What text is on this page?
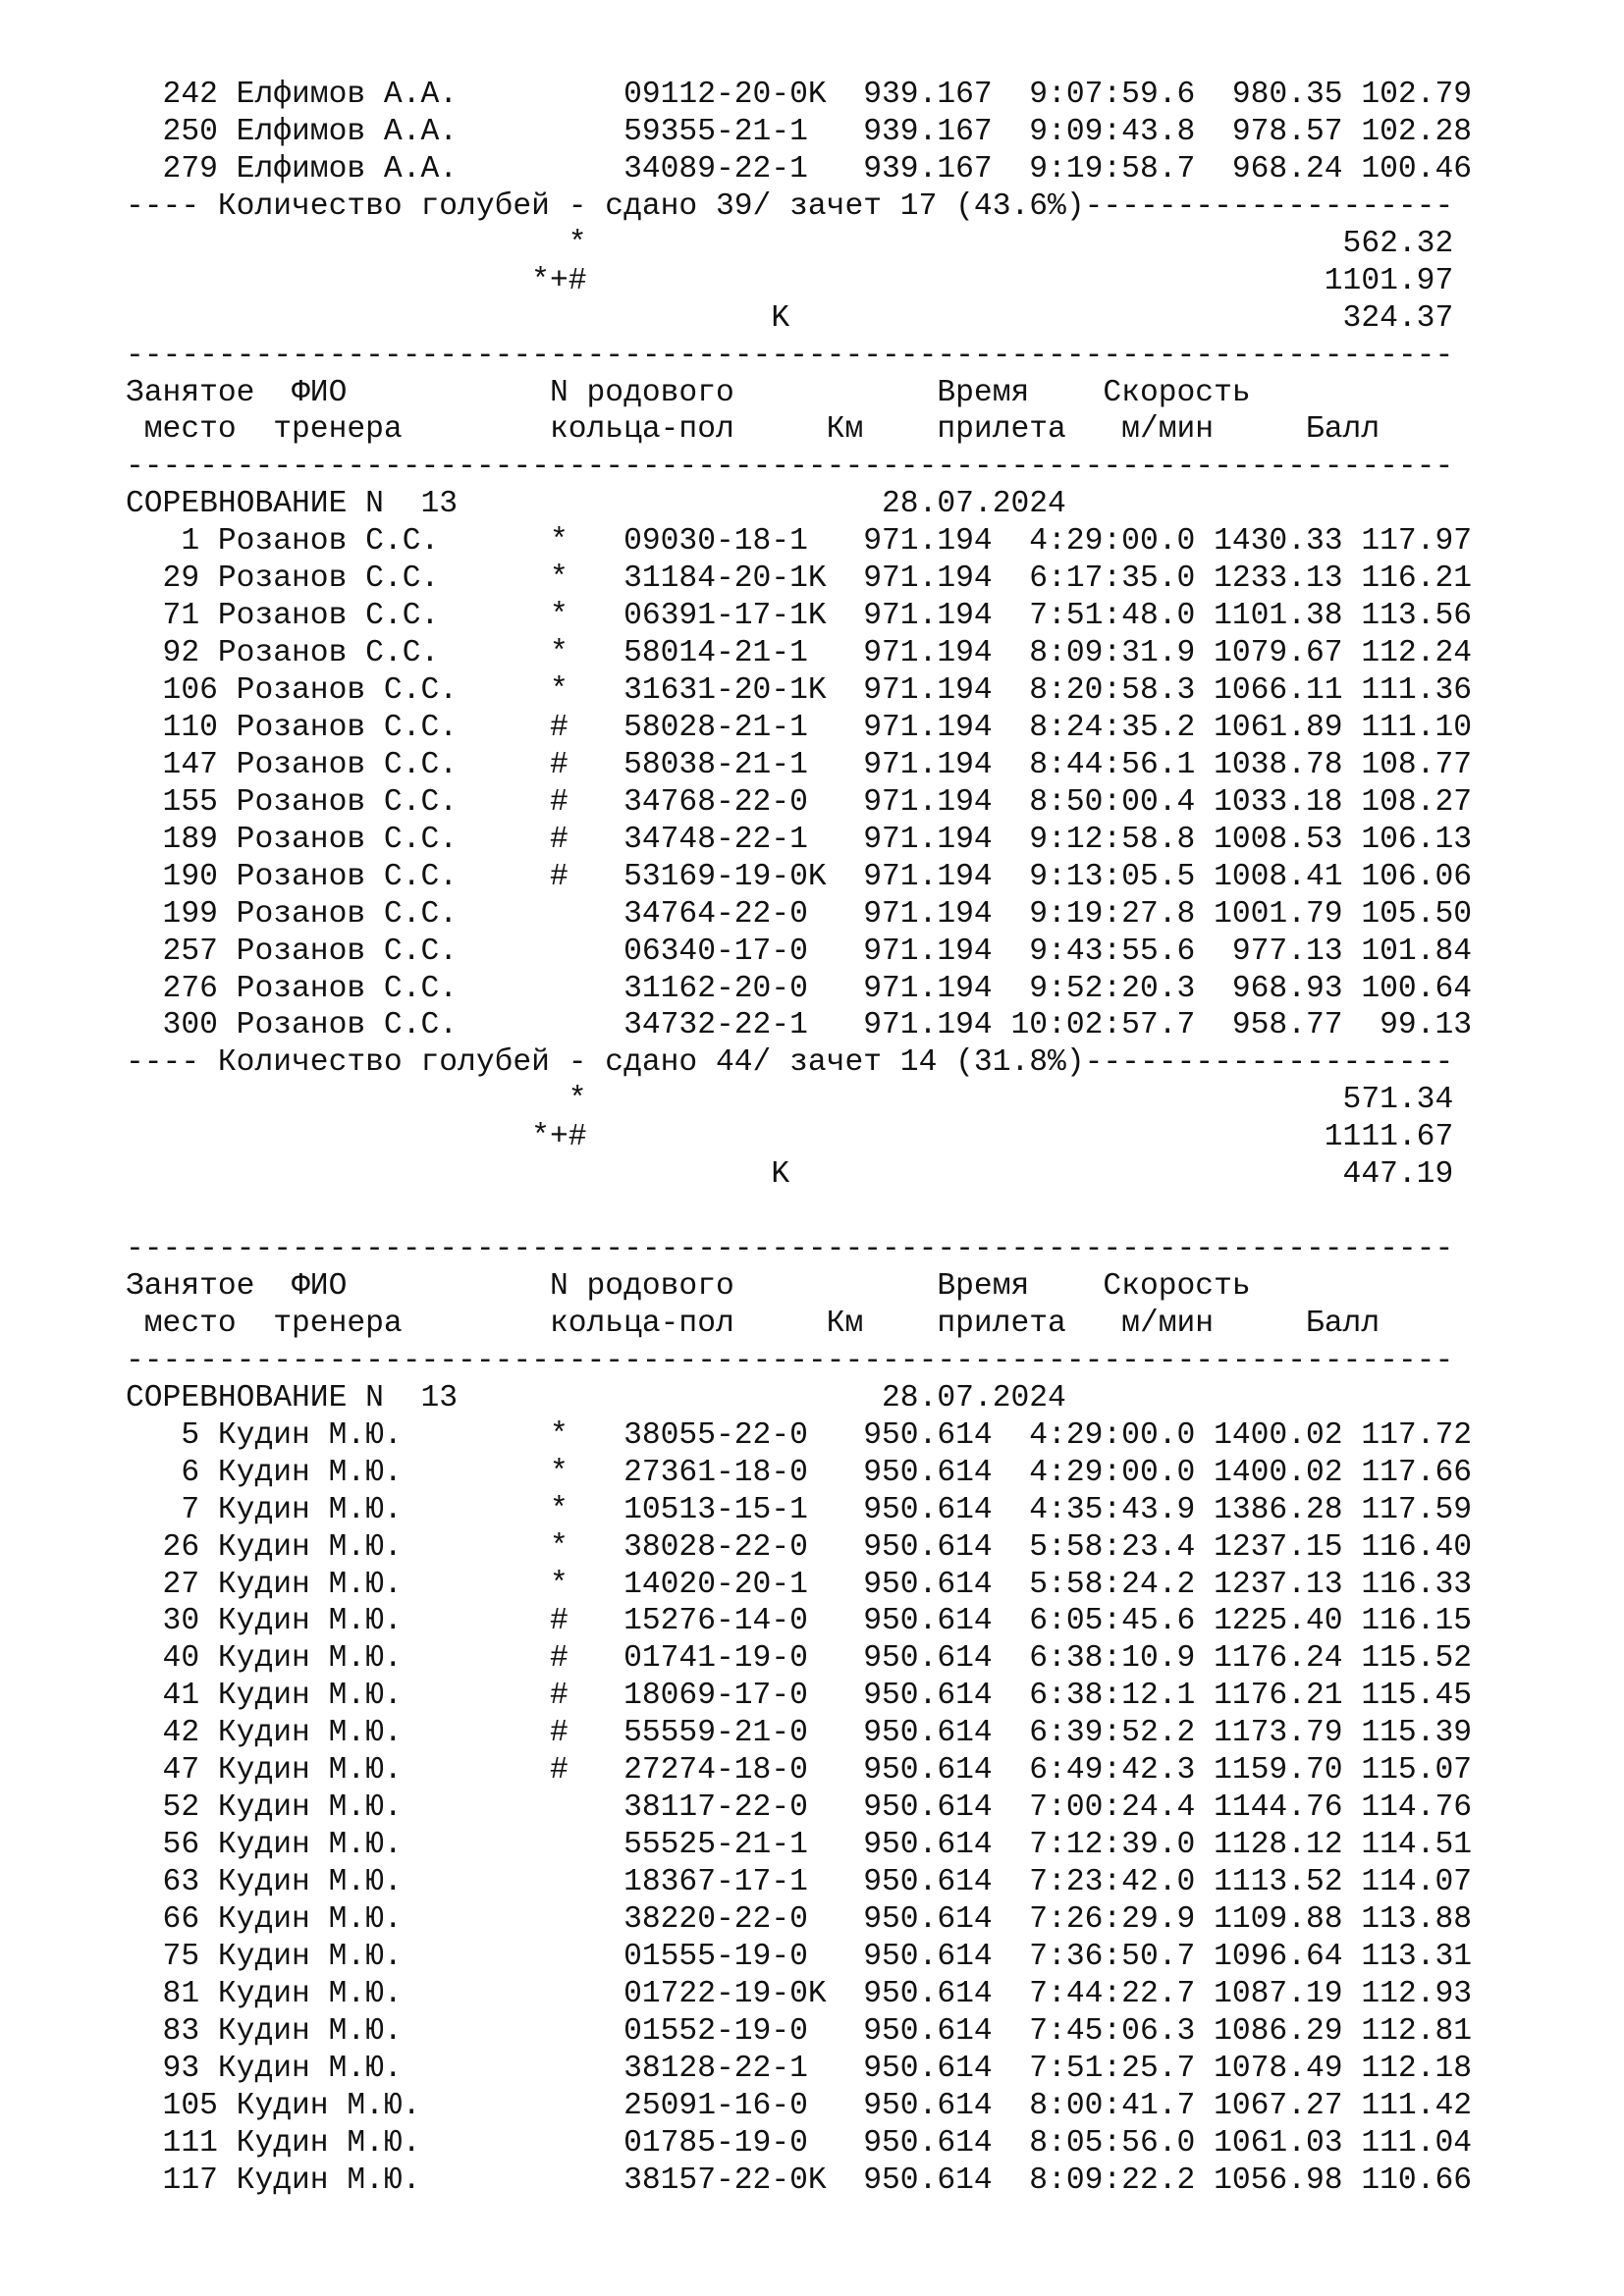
242 Елфимов А.А.         09112-20-0K  939.167  9:07:59.6  980.35 102.79
250 Елфимов А.А.         59355-21-1   939.167  9:09:43.8  978.57 102.28
279 Елфимов А.А.         34089-22-1   939.167  9:19:58.7  968.24 100.46
---- Количество голубей - сдано 39/ зачет 17 (43.6%)--------------------
*                                         562.32
*+#                                        1101.97
K                              324.37
------------------------------------------------------------------------
Занятое  ФИО           N родового           Время    Скорость
место  тренера        кольца-пол     Км    прилета   м/мин     Балл
------------------------------------------------------------------------
СОРЕВНОВАНИЕ N  13                       28.07.2024
1 Розанов С.С.      *   09030-18-1   971.194  4:29:00.0 1430.33 117.97
29 Розанов С.С.      *   31184-20-1K  971.194  6:17:35.0 1233.13 116.21
71 Розанов С.С.      *   06391-17-1K  971.194  7:51:48.0 1101.38 113.56
92 Розанов С.С.      *   58014-21-1   971.194  8:09:31.9 1079.67 112.24
106 Розанов С.С.     *   31631-20-1K  971.194  8:20:58.3 1066.11 111.36
110 Розанов С.С.     #   58028-21-1   971.194  8:24:35.2 1061.89 111.10
147 Розанов С.С.     #   58038-21-1   971.194  8:44:56.1 1038.78 108.77
155 Розанов С.С.     #   34768-22-0   971.194  8:50:00.4 1033.18 108.27
189 Розанов С.С.     #   34748-22-1   971.194  9:12:58.8 1008.53 106.13
190 Розанов С.С.     #   53169-19-0K  971.194  9:13:05.5 1008.41 106.06
199 Розанов С.С.         34764-22-0   971.194  9:19:27.8 1001.79 105.50
257 Розанов С.С.         06340-17-0   971.194  9:43:55.6  977.13 101.84
276 Розанов С.С.         31162-20-0   971.194  9:52:20.3  968.93 100.64
300 Розанов С.С.         34732-22-1   971.194 10:02:57.7  958.77  99.13
---- Количество голубей - сдано 44/ зачет 14 (31.8%)--------------------
*                                         571.34
*+#                                        1111.67
K                              447.19
------------------------------------------------------------------------
Занятое  ФИО           N родового           Время    Скорость
место  тренера        кольца-пол     Км    прилета   м/мин     Балл
------------------------------------------------------------------------
СОРЕВНОВАНИЕ N  13                       28.07.2024
5 Кудин М.Ю.        *   38055-22-0   950.614  4:29:00.0 1400.02 117.72
6 Кудин М.Ю.        *   27361-18-0   950.614  4:29:00.0 1400.02 117.66
7 Кудин М.Ю.        *   10513-15-1   950.614  4:35:43.9 1386.28 117.59
26 Кудин М.Ю.        *   38028-22-0   950.614  5:58:23.4 1237.15 116.40
27 Кудин М.Ю.        *   14020-20-1   950.614  5:58:24.2 1237.13 116.33
30 Кудин М.Ю.        #   15276-14-0   950.614  6:05:45.6 1225.40 116.15
40 Кудин М.Ю.        #   01741-19-0   950.614  6:38:10.9 1176.24 115.52
41 Кудин М.Ю.        #   18069-17-0   950.614  6:38:12.1 1176.21 115.45
42 Кудин М.Ю.        #   55559-21-0   950.614  6:39:52.2 1173.79 115.39
47 Кудин М.Ю.        #   27274-18-0   950.614  6:49:42.3 1159.70 115.07
52 Кудин М.Ю.            38117-22-0   950.614  7:00:24.4 1144.76 114.76
56 Кудин М.Ю.            55525-21-1   950.614  7:12:39.0 1128.12 114.51
63 Кудин М.Ю.            18367-17-1   950.614  7:23:42.0 1113.52 114.07
66 Кудин М.Ю.            38220-22-0   950.614  7:26:29.9 1109.88 113.88
75 Кудин М.Ю.            01555-19-0   950.614  7:36:50.7 1096.64 113.31
81 Кудин М.Ю.            01722-19-0K  950.614  7:44:22.7 1087.19 112.93
83 Кудин М.Ю.            01552-19-0   950.614  7:45:06.3 1086.29 112.81
93 Кудин М.Ю.            38128-22-1   950.614  7:51:25.7 1078.49 112.18
105 Кудин М.Ю.           25091-16-0   950.614  8:00:41.7 1067.27 111.42
111 Кудин М.Ю.           01785-19-0   950.614  8:05:56.0 1061.03 111.04
117 Кудин М.Ю.           38157-22-0K  950.614  8:09:22.2 1056.98 110.66
